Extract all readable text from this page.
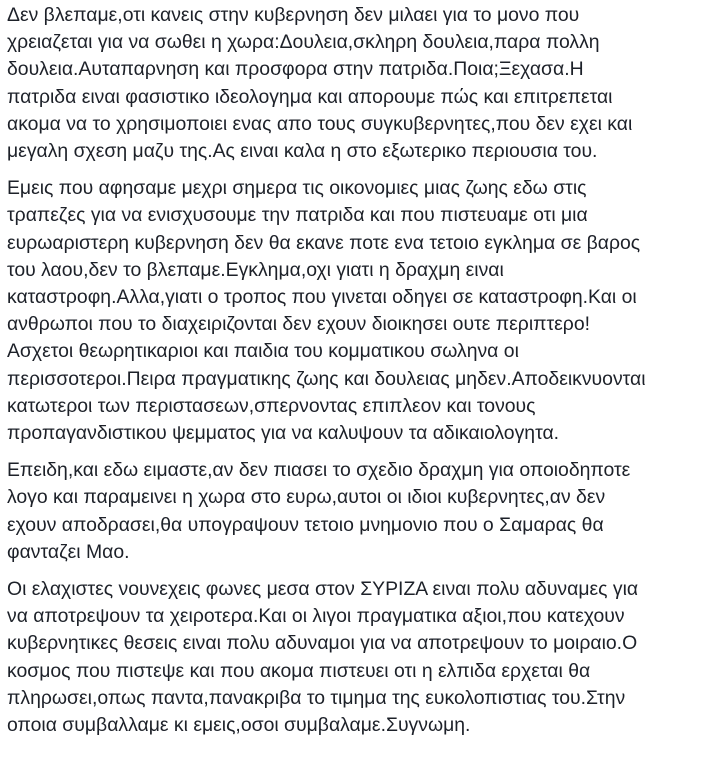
Δεν βλεπαμε,οτι κανεις στην κυβερνηση δεν μιλαει για το μονο που
χρειαζεται για να σωθει η χωρα:Δουλεια,σκληρη δουλεια,παρα πολλη
δουλεια.Αυταπαρνηση και προσφορα στην πατριδα.Ποια;Ξεχασα.Η
πατριδα ειναι φασιστικο ιδεολογημα και απορουμε πώς και επιτρεπεται
ακομα να το χρησιμοποιει ενας απο τους συγκυβερνητες,που δεν εχει και
μεγαλη σχεση μαζυ της.Ας ειναι καλα η στο εξωτερικο περιουσια του.

Εμεις που αφησαμε μεχρι σημερα τις οικονομιες μιας ζωης εδω στις
τραπεζες για να ενισχυσουμε την πατριδα και που πιστευαμε οτι μια
ευρωαριστερη κυβερνηση δεν θα εκανε ποτε ενα τετοιο εγκλημα σε βαρος
του λαου,δεν το βλεπαμε.Εγκλημα,οχι γιατι η δραχμη ειναι
καταστροφη.Αλλα,γιατι ο τροπος που γινεται οδηγει σε καταστροφη.Και οι
ανθρωποι που το διαχειριζονται δεν εχουν διοικησει ουτε περιπτερο!
Ασχετοι θεωρητικαριοι και παιδια του κομματικου σωληνα οι
περισσοτεροι.Πειρα πραγματικης ζωης και δουλειας μηδεν.Αποδεικνυονται
κατωτεροι των περιστασεων,σπερνοντας επιπλεον και τονους
προπαγανδιστικου ψεμματος για να καλυψουν τα αδικαιολογητα.

Επειδη,και εδω ειμαστε,αν δεν πιασει το σχεδιο δραχμη για οποιοδηποτε
λογο και παραμεινει η χωρα στο ευρω,αυτοι οι ιδιοι κυβερνητες,αν δεν
εχουν αποδρασει,θα υπογραψουν τετοιο μνημονιο που ο Σαμαρας θα
φανταζει Μαο.

Οι ελαχιστες νουνεχεις φωνες μεσα στον ΣΥΡΙΖΑ ειναι πολυ αδυναμες για
να αποτρεψουν τα χειροτερα.Και οι λιγοι πραγματικα αξιοι,που κατεχουν
κυβερνητικες θεσεις ειναι πολυ αδυναμοι για να αποτρεψουν το μοιραιο.Ο
κοσμος που πιστεψε και που ακομα πιστευει οτι η ελπιδα ερχεται θα
πληρωσει,οπως παντα,πανακριβα το τιμημα της ευκολοπιστιας του.Στην
οποια συμβαλλαμε κι εμεις,οσοι συμβαλαμε.Συγνωμη.
